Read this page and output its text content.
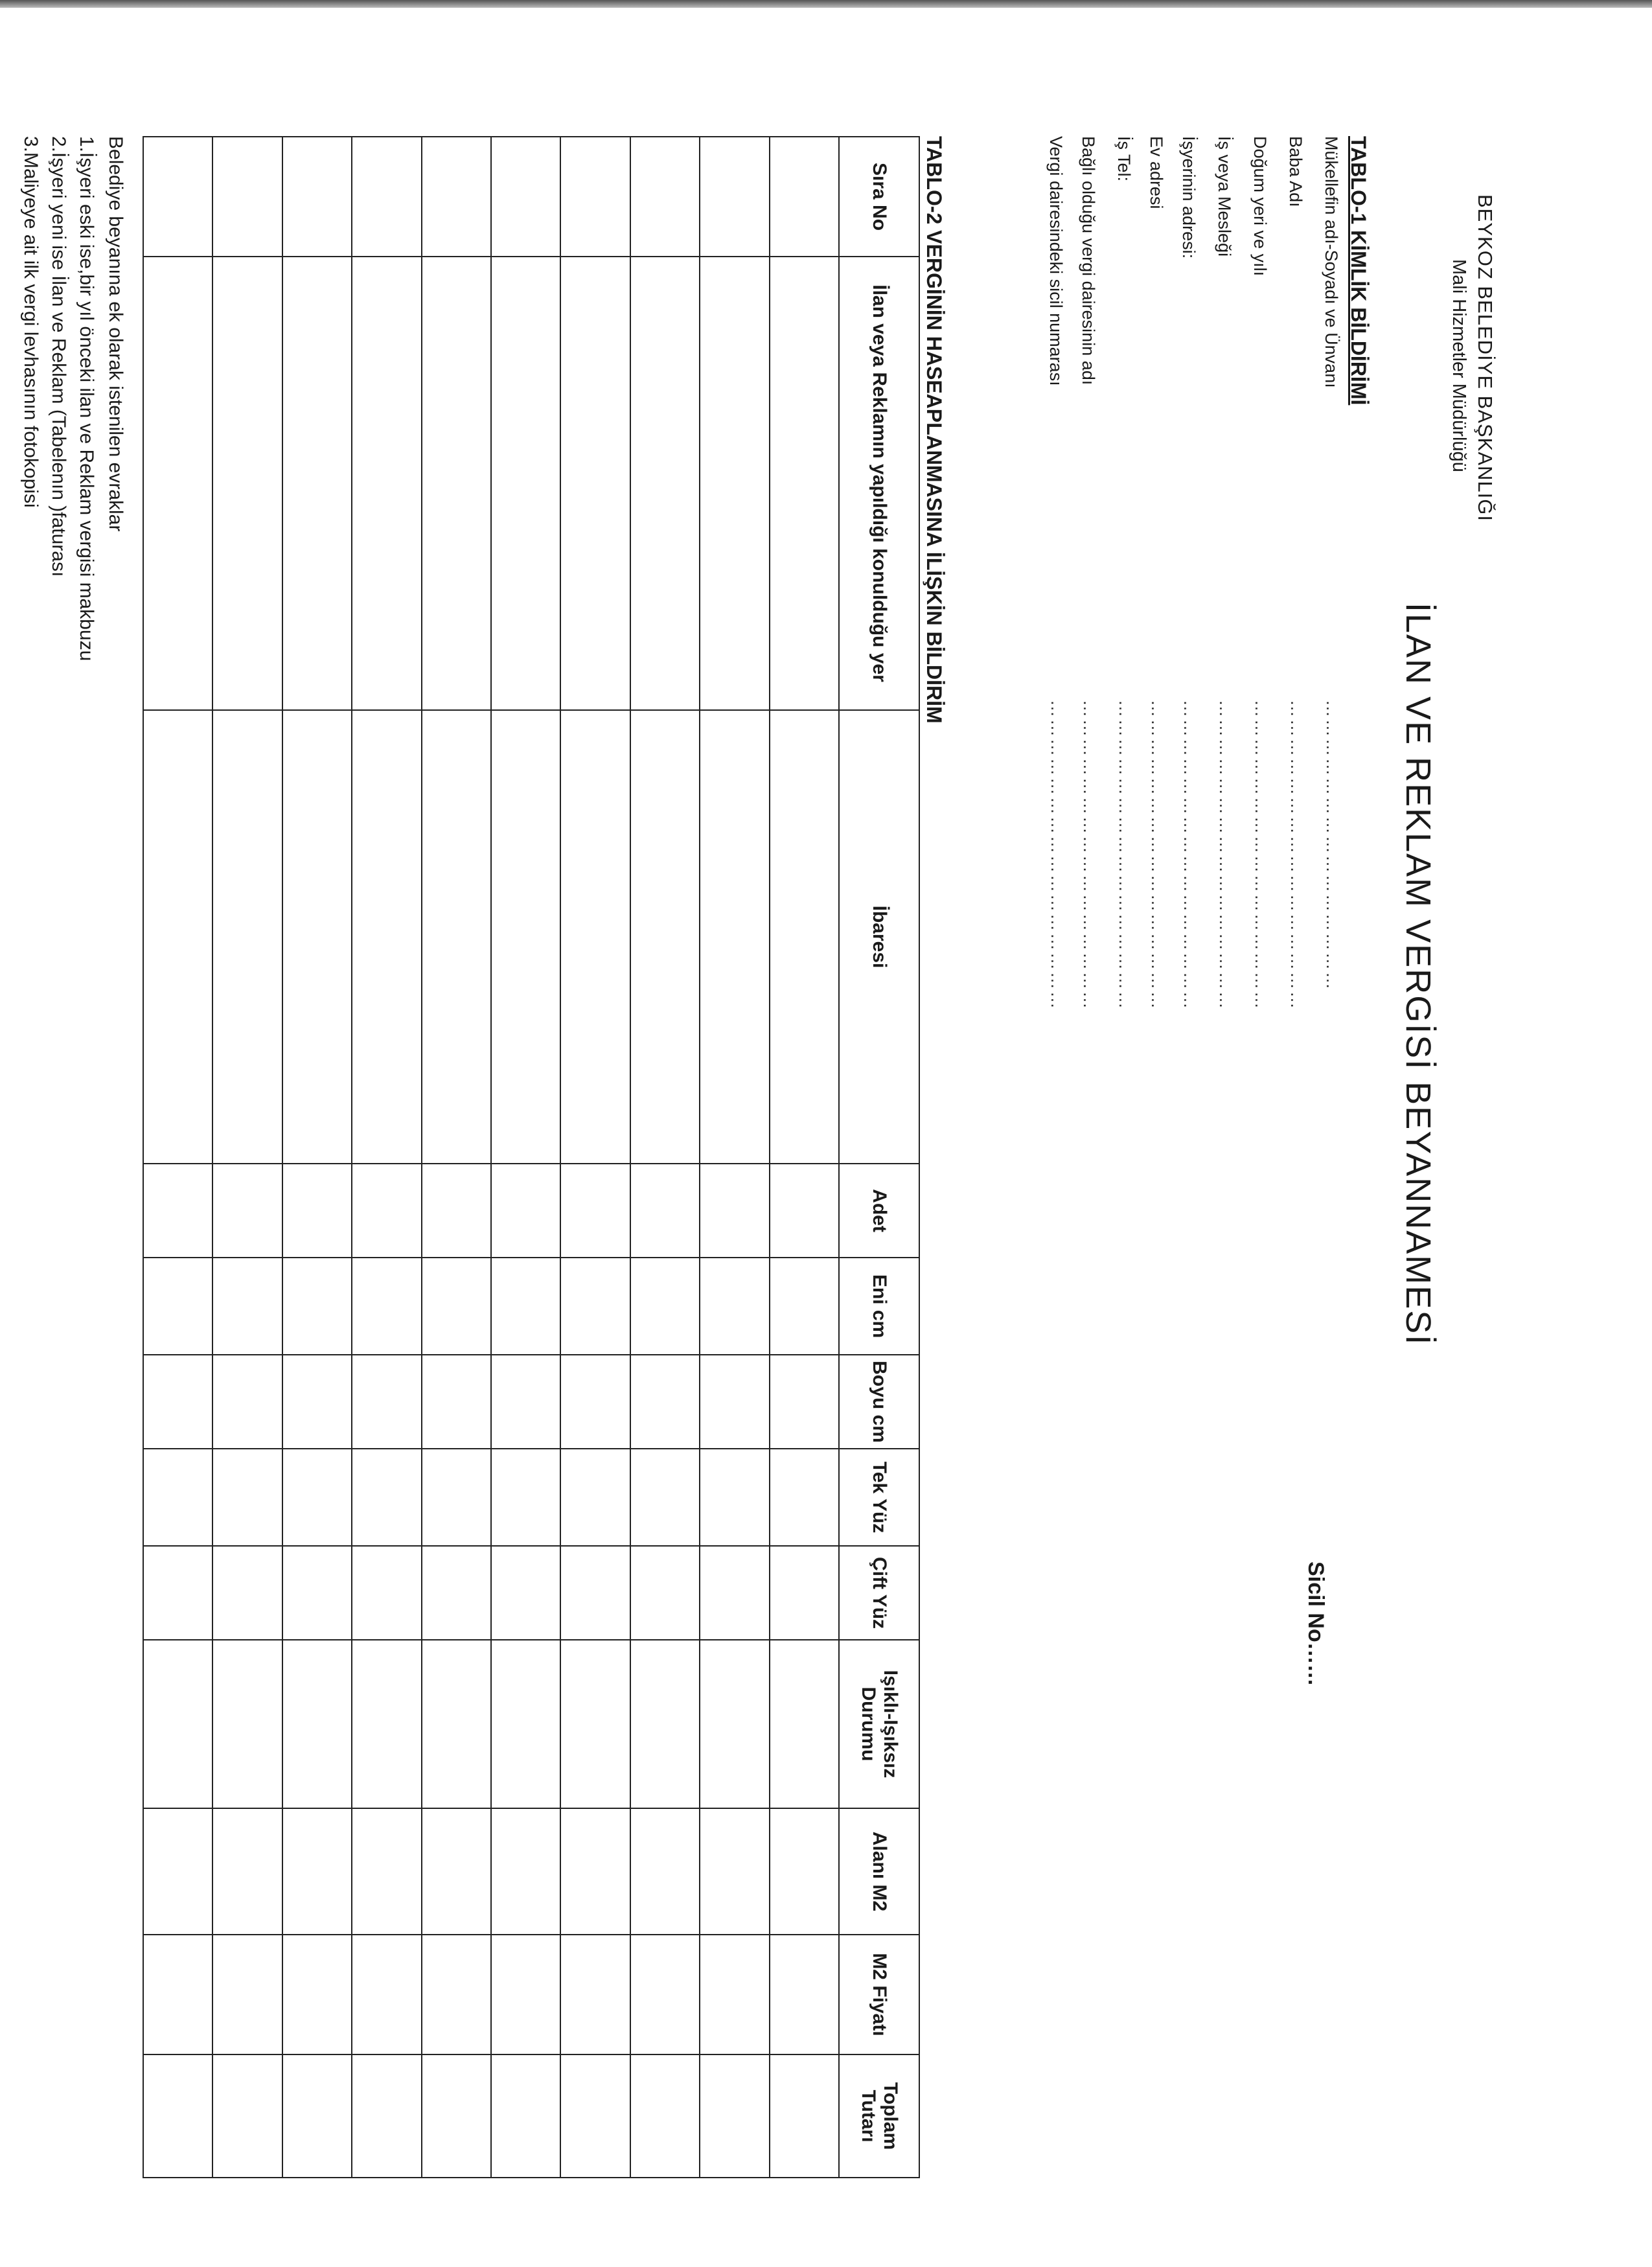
BEYKOZ BELEDİYE BAŞKANLIĞI
Mali Hizmetler Müdürlüğü
İLAN VE REKLAM VERGİSİ BEYANNAMESİ
Sicil No……
TABLO-1 KİMLİK BİLDİRİMİ
Mükellefin adı-Soyadı ve Ünvanı
………………………………………
Baba Adı
…………………………………………
Doğum yeri ve yılı
…………………………………………
İş veya Mesleği
…………………………………………
İşyerinin adresi:
…………………………………………
Ev adresi
…………………………………………
İş Tel:
…………………………………………
Bağlı olduğu vergi dairesinin adı
…………………………………………
Vergi dairesindeki sicil numarası
…………………………………………
TABLO-2 VERGİNİN HASEAPLANMASINA İLİŞKİN BİLDİRİM
Sıra No	İlan veya Reklamın yapıldığı konulduğu yer	İbaresi	Adet	Eni cm	Boyu cm	Tek Yüz	Çift Yüz	Işıklı-Işıksız Durumu	Alanı M2	M2 Fiyatı	Toplam Tutarı

Belediye beyanına ek olarak istenilen evraklar
1.İşyeri eski ise,bir yıl önceki ilan ve Reklam vergisi makbuzu
2.İşyeri yeni ise İlan ve Reklam (Tabelenın )faturası
3.Maliyeye ait ilk vergi levhasının fotokopisi
